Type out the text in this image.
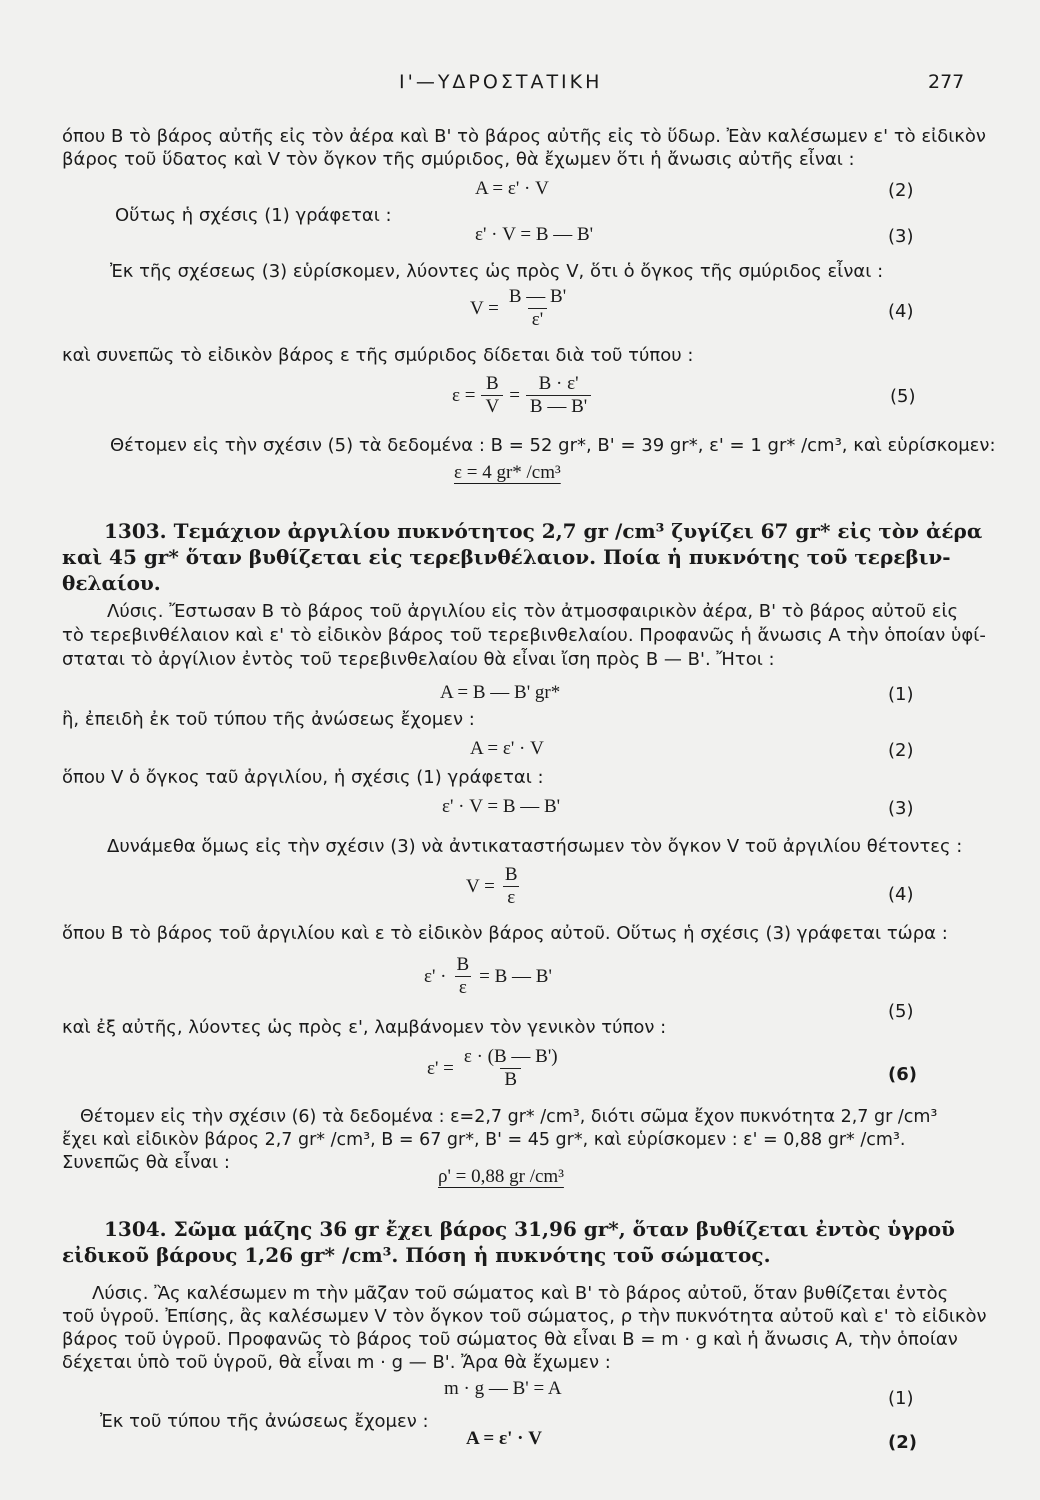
Ι'—ΥΔΡΟΣΤΑΤΙΚΗ	277
όπου Β τὸ βάρος αὐτῆς εἰς τὸν ἀέρα καὶ Β' τὸ βάρος αὐτῆς εἰς τὸ ὕδωρ. Ἐὰν καλέσωμεν ε' τὸ εἰδικὸν
βάρος τοῦ ὕδατος καὶ V τὸν ὄγκον τῆς σμύριδος, θὰ ἔχωμεν ὅτι ἡ ἄνωσις αὐτῆς εἶναι :
Α = ε' · V	(2)
Οὕτως ἡ σχέσις (1) γράφεται :
ε' · V = Β — Β'	(3)
Ἐκ τῆς σχέσεως (3) εὑρίσκομεν, λύοντες ὡς πρὸς V, ὅτι ὁ ὄγκος τῆς σμύριδος εἶναι :
$V = \frac{B — B'}{\varepsilon'}$	(4)
καὶ συνεπῶς τὸ εἰδικὸν βάρος ε τῆς σμύριδος δίδεται διὰ τοῦ τύπου :
$\varepsilon = \frac{B}{V} = \frac{B \cdot \varepsilon'}{B — B'}$	(5)
Θέτομεν εἰς τὴν σχέσιν (5) τὰ δεδομένα : Β = 52 gr*, Β' = 39 gr*, ε' = 1 gr* /cm³, καὶ εὑρίσκομεν:
ε = 4 gr* /cm³
1303. Τεμάχιον ἀργιλίου πυκνότητος 2,7 gr /cm³ ζυγίζει 67 gr* εἰς τὸν ἀέρα
καὶ 45 gr* ὅταν βυθίζεται εἰς τερεβινθέλαιον. Ποία ἡ πυκνότης τοῦ τερεβιν-
θελαίου.
Λύσις. Ἔστωσαν Β τὸ βάρος τοῦ ἀργιλίου εἰς τὸν ἀτμοσφαιρικὸν ἀέρα, Β' τὸ βάρος αὐτοῦ εἰς
τὸ τερεβινθέλαιον καὶ ε' τὸ εἰδικὸν βάρος τοῦ τερεβινθελαίου. Προφανῶς ἡ ἄνωσις Α τὴν ὁποίαν ὑφί-
σταται τὸ ἀργίλιον ἐντὸς τοῦ τερεβινθελαίου θὰ εἶναι ἴση πρὸς Β — Β'. Ἤτοι :
Α = Β — Β' gr*	(1)
ἢ, ἐπειδὴ ἐκ τοῦ τύπου τῆς ἀνώσεως ἔχομεν :
Α = ε' · V	(2)
ὅπου V ὁ ὄγκος ταῦ ἀργιλίου, ἡ σχέσις (1) γράφεται :
ε' · V = Β — Β'	(3)
Δυνάμεθα ὅμως εἰς τὴν σχέσιν (3) νὰ ἀντικαταστήσωμεν τὸν ὄγκον V τοῦ ἀργιλίου θέτοντες :
$V = \frac{B}{\varepsilon}$	(4)
ὅπου Β τὸ βάρος τοῦ ἀργιλίου καὶ ε τὸ εἰδικὸν βάρος αὐτοῦ. Οὕτως ἡ σχέσις (3) γράφεται τώρα :
$\varepsilon' \cdot \frac{B}{\varepsilon} = B$ — Β'
(5)
καὶ ἐξ αὐτῆς, λύοντες ὡς πρὸς ε', λαμβάνομεν τὸν γενικὸν τύπον :
$\varepsilon' = \frac{\varepsilon \cdot (B — B')}{B}$	(6)
Θέτομεν εἰς τὴν σχέσιν (6) τὰ δεδομένα : ε=2,7 gr* /cm³, διότι σῶμα ἔχον πυκνότητα 2,7 gr /cm³
ἔχει καὶ εἰδικὸν βάρος 2,7 gr* /cm³, Β = 67 gr*, Β' = 45 gr*, καὶ εὑρίσκομεν : ε' = 0,88 gr* /cm³.
Συνεπῶς θὰ εἶναι :
ρ' = 0,88 gr /cm³
1304. Σῶμα μάζης 36 gr ἔχει βάρος 31,96 gr*, ὅταν βυθίζεται ἐντὸς ὑγροῦ
εἰδικοῦ βάρους 1,26 gr* /cm³. Πόση ἡ πυκνότης τοῦ σώματος.
Λύσις. Ἂς καλέσωμεν m τὴν μᾶζαν τοῦ σώματος καὶ Β' τὸ βάρος αὐτοῦ, ὅταν βυθίζεται ἐντὸς
τοῦ ὑγροῦ. Ἐπίσης, ἂς καλέσωμεν V τὸν ὄγκον τοῦ σώματος, ρ τὴν πυκνότητα αὐτοῦ καὶ ε' τὸ εἰδικὸν
βάρος τοῦ ὑγροῦ. Προφανῶς τὸ βάρος τοῦ σώματος θὰ εἶναι Β = m · g καὶ ἡ ἄνωσις Α, τὴν ὁποίαν
δέχεται ὑπὸ τοῦ ὑγροῦ, θὰ εἶναι m · g — Β'. Ἄρα θὰ ἔχωμεν :
m · g — Β' = Α	(1)
Ἐκ τοῦ τύπου τῆς ἀνώσεως ἔχομεν :
Α = ε' · V	(2)
